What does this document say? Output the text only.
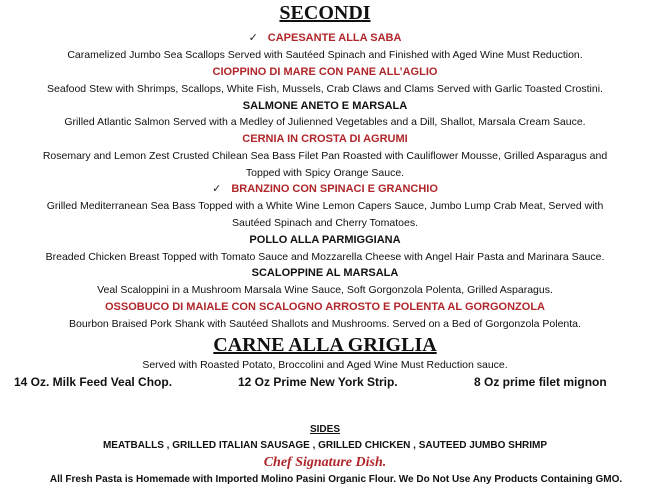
SECONDI
✓ CAPESANTE ALLA SABA
Caramelized Jumbo Sea Scallops Served with Sautéed Spinach and Finished with Aged Wine Must Reduction.
CIOPPINO DI MARE CON PANE ALL’AGLIO
Seafood Stew with Shrimps, Scallops, White Fish, Mussels, Crab Claws and Clams Served with Garlic Toasted Crostini.
SALMONE ANETO E MARSALA
Grilled Atlantic Salmon Served with a Medley of Julienned Vegetables and a Dill, Shallot, Marsala Cream Sauce.
CERNIA IN CROSTA DI AGRUMI
Rosemary and Lemon Zest Crusted Chilean Sea Bass Filet Pan Roasted with Cauliflower Mousse, Grilled Asparagus and
Topped with Spicy Orange Sauce.
✓ BRANZINO CON SPINACI E GRANCHIO
Grilled Mediterranean Sea Bass Topped with a White Wine Lemon Capers Sauce, Jumbo Lump Crab Meat, Served with
Sautéed Spinach and Cherry Tomatoes.
POLLO ALLA PARMIGGIANA
Breaded Chicken Breast Topped with Tomato Sauce and Mozzarella Cheese with Angel Hair Pasta and Marinara Sauce.
SCALOPPINE AL MARSALA
Veal Scaloppini in a Mushroom Marsala Wine Sauce, Soft Gorgonzola Polenta, Grilled Asparagus.
OSSOBUCO DI MAIALE CON SCALOGNO ARROSTO E POLENTA AL GORGONZOLA
Bourbon Braised Pork Shank with Sautéed Shallots and Mushrooms. Served on a Bed of Gorgonzola Polenta.
CARNE ALLA GRIGLIA
Served with Roasted Potato, Broccolini and Aged Wine Must Reduction sauce.
14 Oz. Milk Feed Veal Chop.	12 Oz Prime New York Strip.	8 Oz prime filet mignon
SIDES
MEATBALLS , GRILLED ITALIAN SAUSAGE , GRILLED CHICKEN , SAUTEED JUMBO SHRIMP
Chef Signature Dish.
All Fresh Pasta is Homemade with Imported Molino Pasini Organic Flour. We Do Not Use Any Products Containing GMO.
